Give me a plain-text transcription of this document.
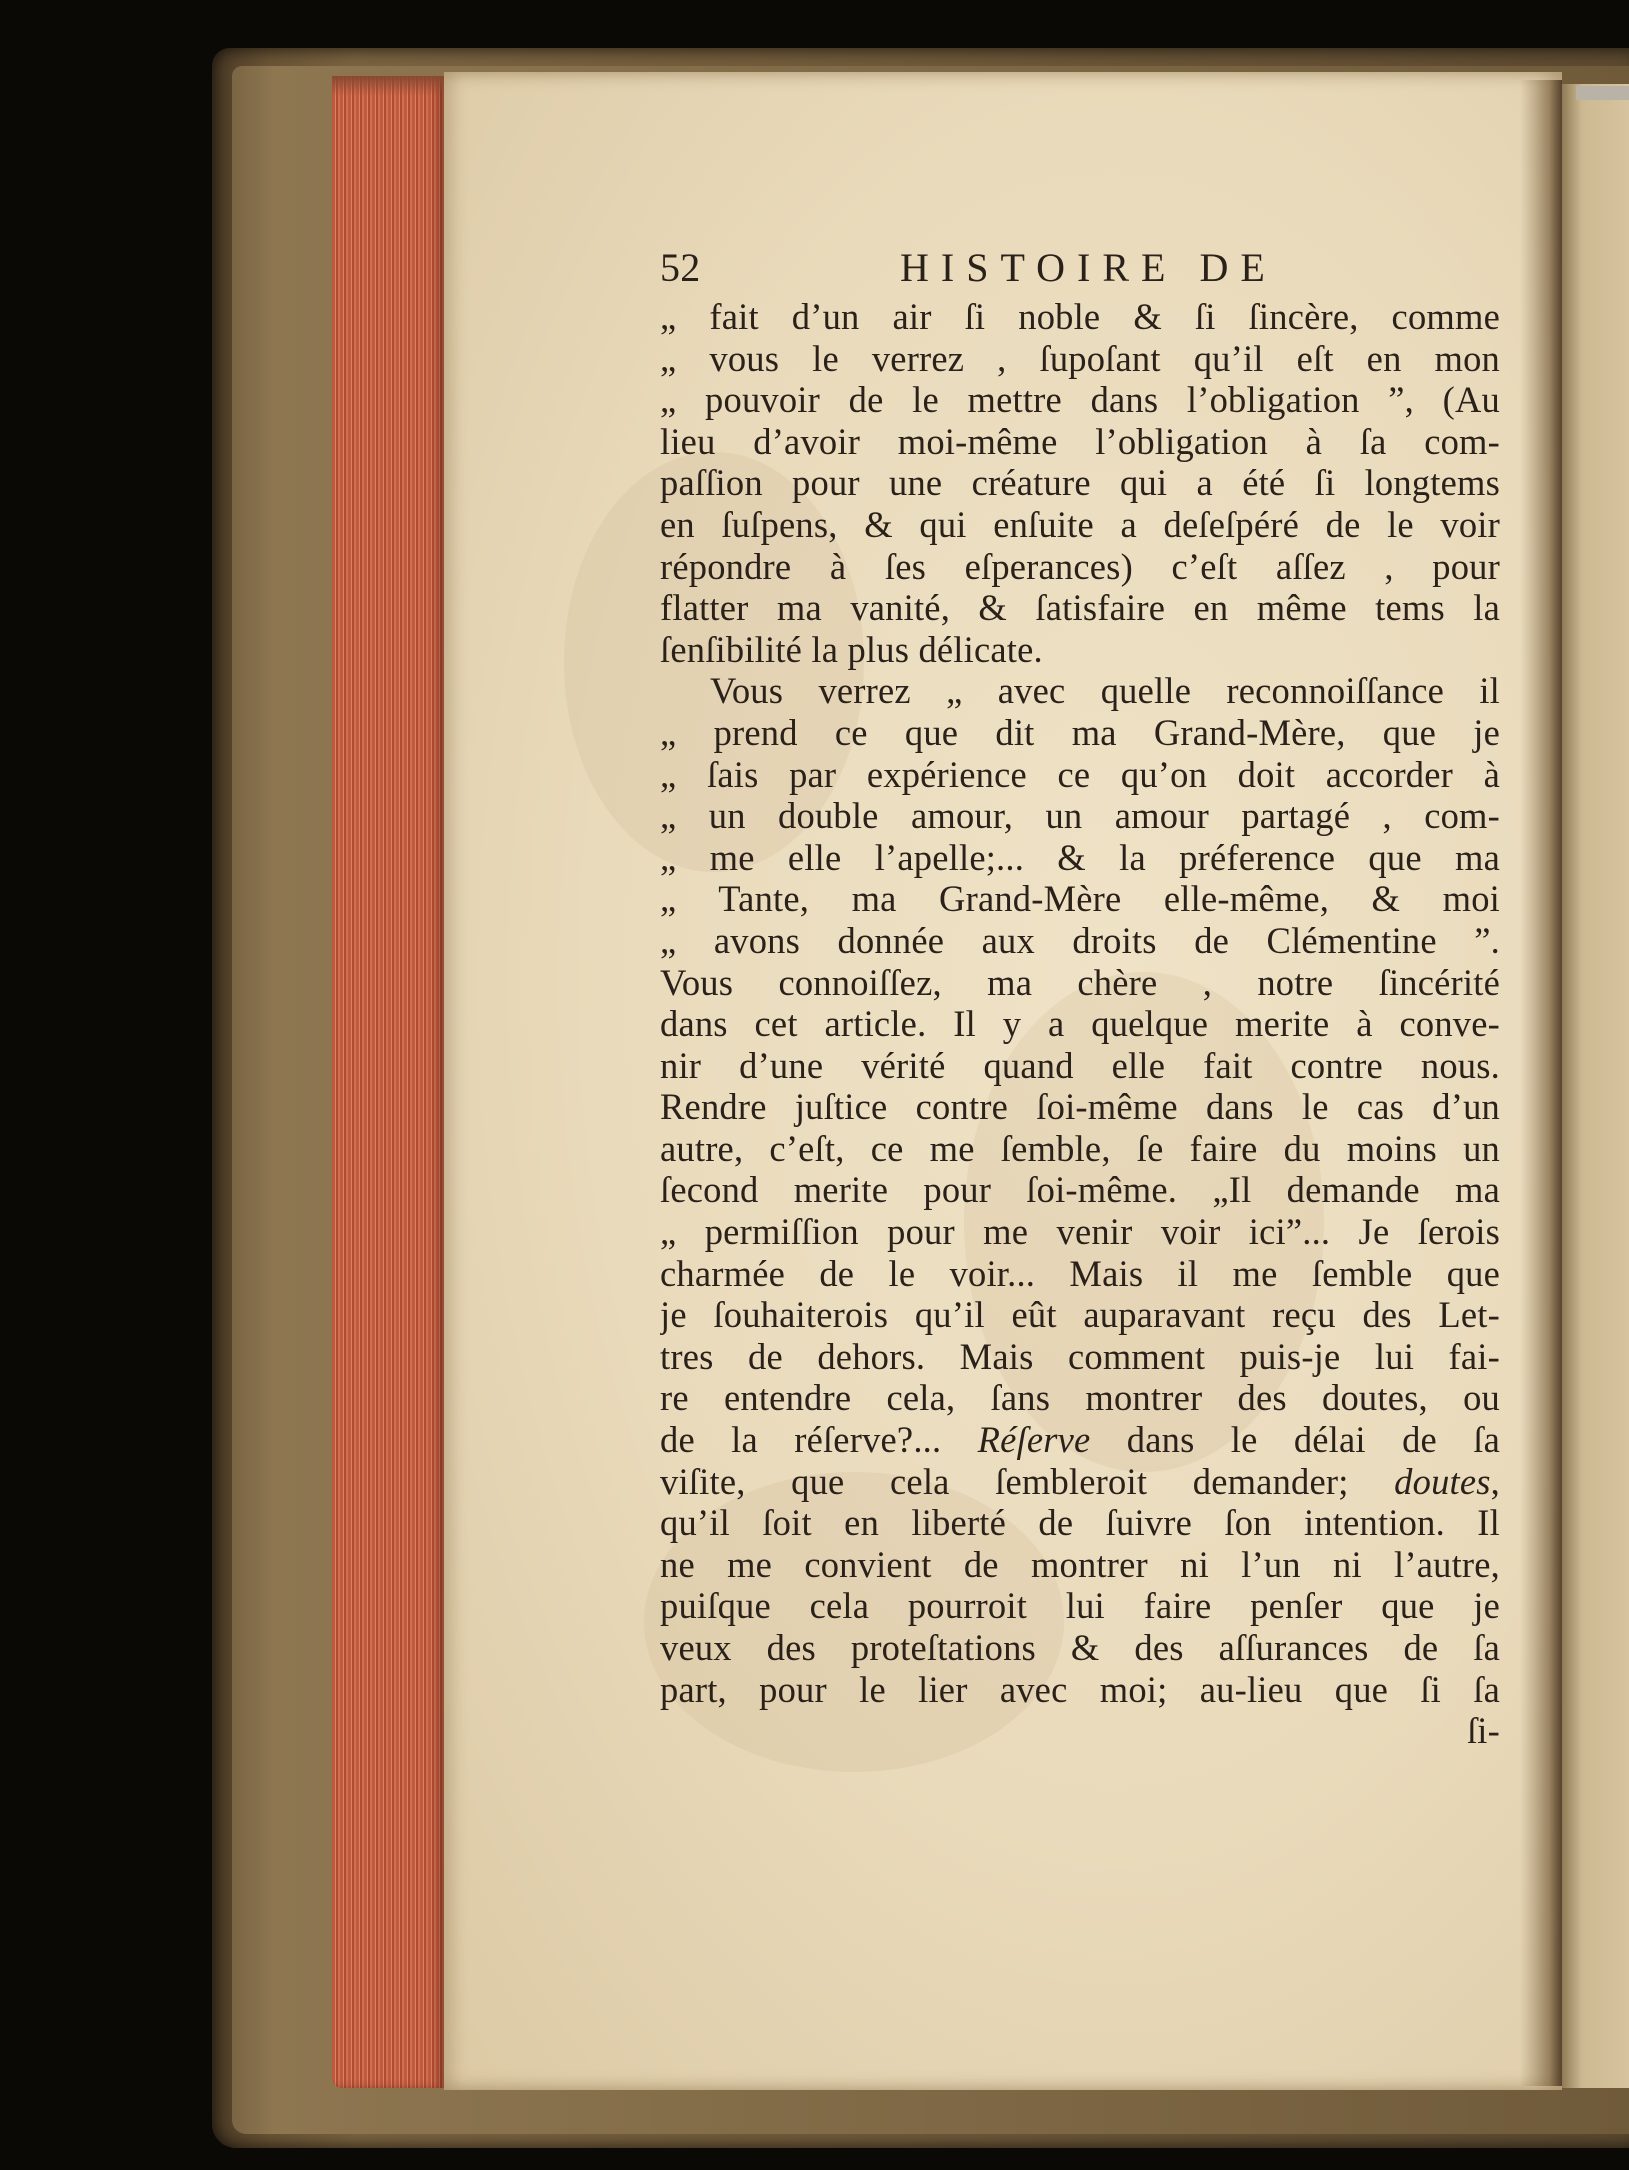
52	HISTOIRE DE
„ fait d’un air ſi noble & ſi ſincère, comme
„ vous le verrez , ſupoſant qu’il eſt en mon
„ pouvoir de le mettre dans l’obligation ”, (Au
lieu d’avoir moi-même l’obligation à ſa com-
paſſion pour une créature qui a été ſi longtems
en ſuſpens, & qui enſuite a deſeſpéré de le voir
répondre à ſes eſperances) c’eſt aſſez , pour
flatter ma vanité, & ſatisfaire en même tems la
ſenſibilité la plus délicate.
Vous verrez „ avec quelle reconnoiſſance il
„ prend ce que dit ma Grand-Mère, que je
„ ſais par expérience ce qu’on doit accorder à
„ un double amour, un amour partagé , com-
„ me elle l’apelle;... & la préference que ma
„ Tante, ma Grand-Mère elle-même, & moi
„ avons donnée aux droits de Clémentine ”.
Vous connoiſſez, ma chère , notre ſincérité
dans cet article. Il y a quelque merite à conve-
nir d’une vérité quand elle fait contre nous.
Rendre juſtice contre ſoi-même dans le cas d’un
autre, c’eſt, ce me ſemble, ſe faire du moins un
ſecond merite pour ſoi-même. „Il demande ma
„ permiſſion pour me venir voir ici”... Je ſerois
charmée de le voir... Mais il me ſemble que
je ſouhaiterois qu’il eût auparavant reçu des Let-
tres de dehors. Mais comment puis-je lui fai-
re entendre cela, ſans montrer des doutes, ou
de la réſerve?... Réſerve dans le délai de ſa
viſite, que cela ſembleroit demander; doutes,
qu’il ſoit en liberté de ſuivre ſon intention. Il
ne me convient de montrer ni l’un ni l’autre,
puiſque cela pourroit lui faire penſer que je
veux des proteſtations & des aſſurances de ſa
part, pour le lier avec moi; au-lieu que ſi ſa
ſi-
